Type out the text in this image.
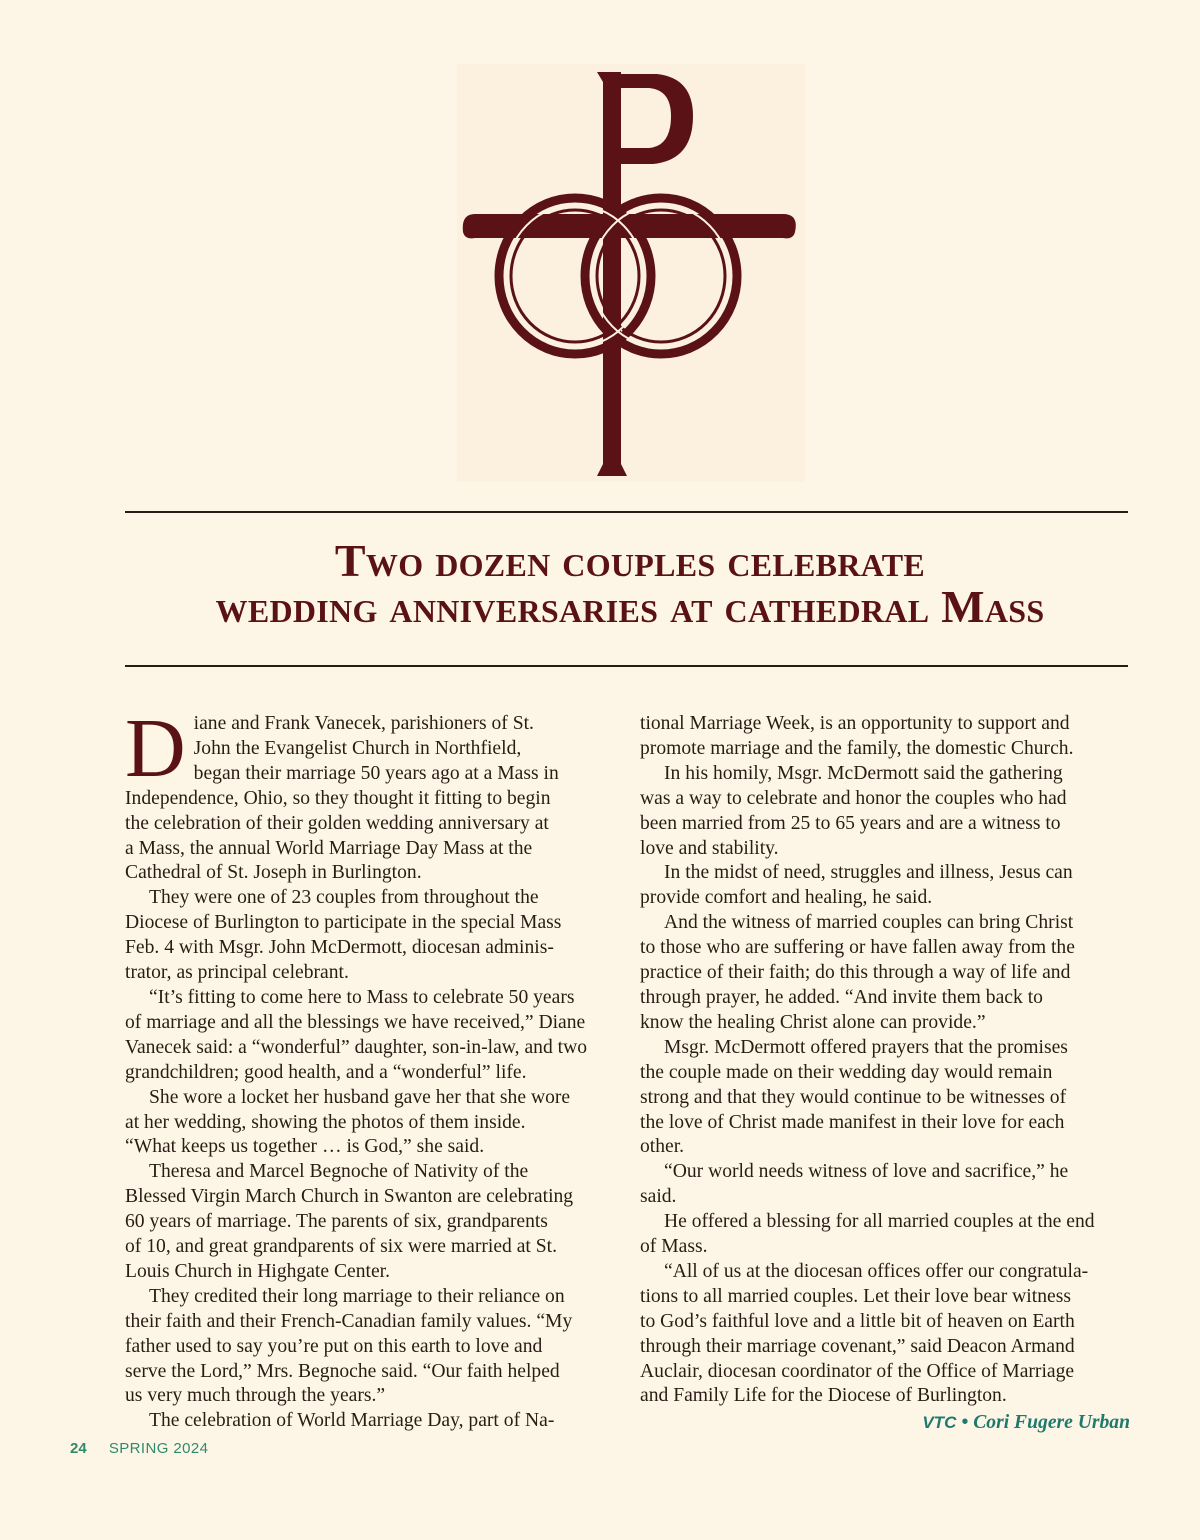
Two dozen couples celebrate
wedding anniversaries at cathedral Mass

D iane and Frank Vanecek, parishioners of St.
John the Evangelist Church in Northfield,
began their marriage 50 years ago at a Mass in
Independence, Ohio, so they thought it fitting to begin
the celebration of their golden wedding anniversary at
a Mass, the annual World Marriage Day Mass at the
Cathedral of St. Joseph in Burlington.

They were one of 23 couples from throughout the
Diocese of Burlington to participate in the special Mass
Feb. 4 with Msgr. John McDermott, diocesan adminis-
trator, as principal celebrant.

“It’s fitting to come here to Mass to celebrate 50 years
of marriage and all the blessings we have received,” Diane
Vanecek said: a “wonderful” daughter, son-in-law, and two
grandchildren; good health, and a “wonderful” life.

She wore a locket her husband gave her that she wore
at her wedding, showing the photos of them inside.
“What keeps us together … is God,” she said.

Theresa and Marcel Begnoche of Nativity of the
Blessed Virgin March Church in Swanton are celebrating
60 years of marriage. The parents of six, grandparents
of 10, and great grandparents of six were married at St.
Louis Church in Highgate Center.

They credited their long marriage to their reliance on
their faith and their French-Canadian family values. “My
father used to say you’re put on this earth to love and
serve the Lord,” Mrs. Begnoche said. “Our faith helped
us very much through the years.”

The celebration of World Marriage Day, part of Na-

tional Marriage Week, is an opportunity to support and
promote marriage and the family, the domestic Church.

In his homily, Msgr. McDermott said the gathering
was a way to celebrate and honor the couples who had
been married from 25 to 65 years and are a witness to
love and stability.

In the midst of need, struggles and illness, Jesus can
provide comfort and healing, he said.

And the witness of married couples can bring Christ
to those who are suffering or have fallen away from the
practice of their faith; do this through a way of life and
through prayer, he added. “And invite them back to
know the healing Christ alone can provide.”

Msgr. McDermott offered prayers that the promises
the couple made on their wedding day would remain
strong and that they would continue to be witnesses of
the love of Christ made manifest in their love for each
other.

“Our world needs witness of love and sacrifice,” he
said.

He offered a blessing for all married couples at the end
of Mass.

“All of us at the diocesan offices offer our congratula-
tions to all married couples. Let their love bear witness
to God’s faithful love and a little bit of heaven on Earth
through their marriage covenant,” said Deacon Armand
Auclair, diocesan coordinator of the Office of Marriage
and Family Life for the Diocese of Burlington.

VTC • Cori Fugere Urban
24 SPRING 2024
